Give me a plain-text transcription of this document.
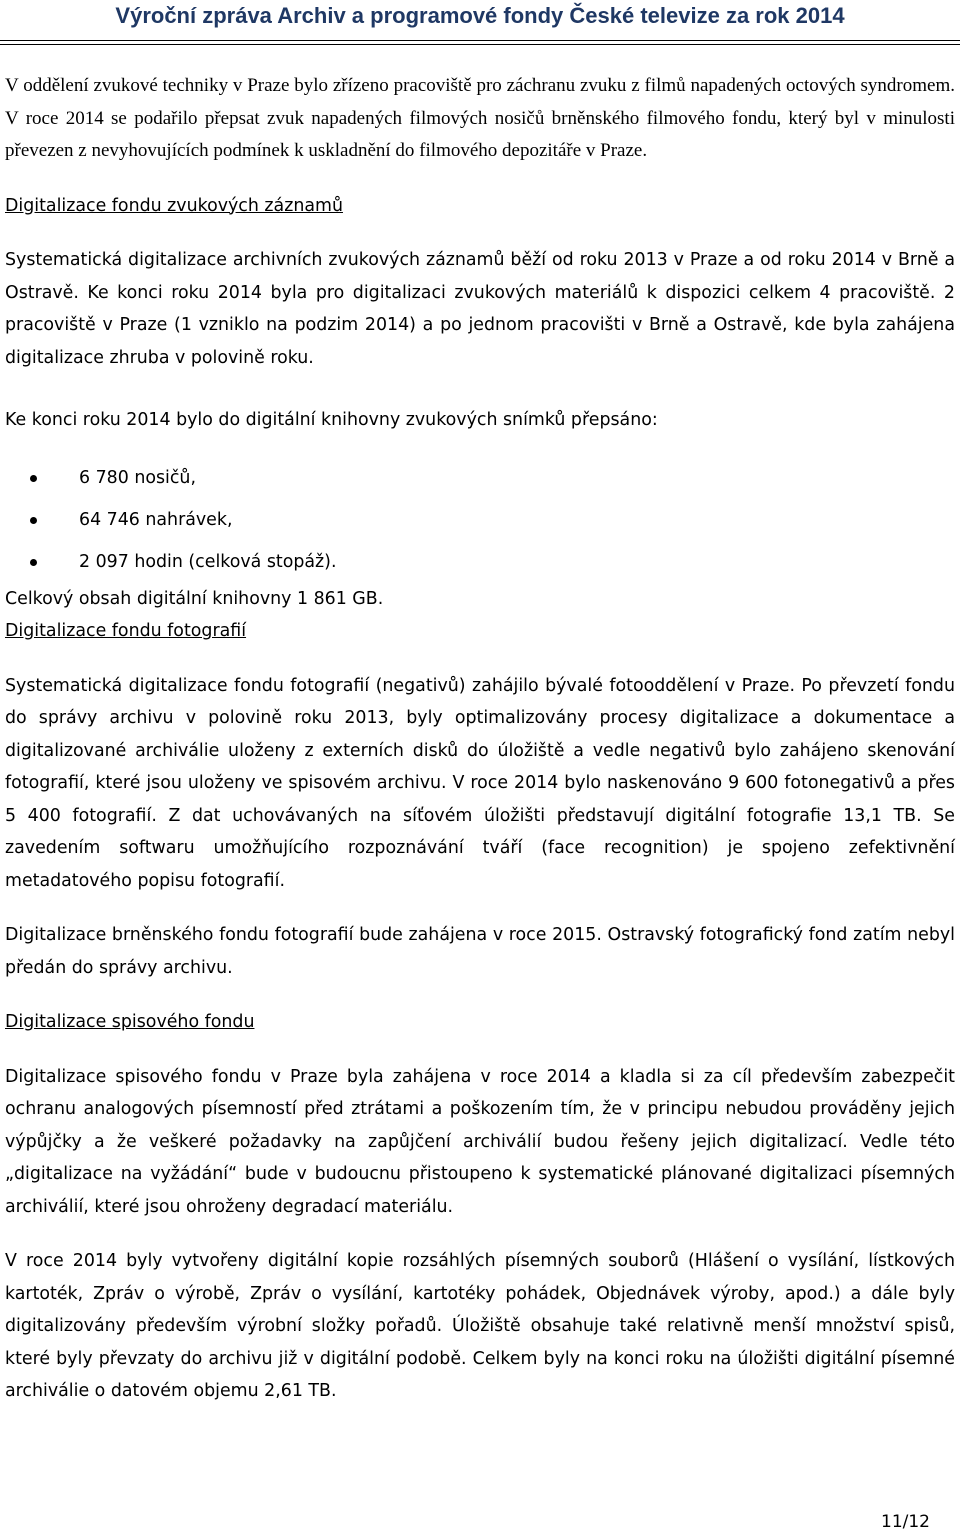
Výroční zpráva Archiv a programové fondy České televize za rok 2014

V oddělení zvukové techniky v Praze bylo zřízeno pracoviště pro záchranu zvuku z filmů napadených octových syndromem. V roce 2014 se podařilo přepsat zvuk napadených filmových nosičů brněnského filmového fondu, který byl v minulosti převezen z nevyhovujících podmínek k uskladnění do filmového depozitáře v Praze.

Digitalizace fondu zvukových záznamů

Systematická digitalizace archivních zvukových záznamů běží od roku 2013 v Praze a od roku 2014 v Brně a Ostravě. Ke konci roku 2014 byla pro digitalizaci zvukových materiálů k dispozici celkem 4 pracoviště. 2 pracoviště v Praze (1 vzniklo na podzim 2014) a po jednom pracovišti v Brně a Ostravě, kde byla zahájena digitalizace zhruba v polovině roku.

Ke konci roku 2014 bylo do digitální knihovny zvukových snímků přepsáno:

6 780 nosičů,
64 746 nahrávek,
2 097 hodin (celková stopáž).

Celkový obsah digitální knihovny 1 861 GB.

Digitalizace fondu fotografií

Systematická digitalizace fondu fotografií (negativů) zahájilo bývalé fotooddělení v Praze. Po převzetí fondu do správy archivu v polovině roku 2013, byly optimalizovány procesy digitalizace a dokumentace a digitalizované archiválie uloženy z externích disků do úložiště a vedle negativů bylo zahájeno skenování fotografií, které jsou uloženy ve spisovém archivu. V roce 2014 bylo naskenováno 9 600 fotonegativů a přes 5 400 fotografií. Z dat uchovávaných na síťovém úložišti představují digitální fotografie 13,1 TB. Se zavedením softwaru umožňujícího rozpoznávání tváří (face recognition) je spojeno zefektivnění metadatového popisu fotografií.

Digitalizace brněnského fondu fotografií bude zahájena v roce 2015. Ostravský fotografický fond zatím nebyl předán do správy archivu.

Digitalizace spisového fondu

Digitalizace spisového fondu v Praze byla zahájena v roce 2014 a kladla si za cíl především zabezpečit ochranu analogových písemností před ztrátami a poškozením tím, že v principu nebudou prováděny jejich výpůjčky a že veškeré požadavky na zapůjčení archiválií budou řešeny jejich digitalizací. Vedle této „digitalizace na vyžádání“ bude v budoucnu přistoupeno k systematické plánované digitalizaci písemných archiválií, které jsou ohroženy degradací materiálu.

V roce 2014 byly vytvořeny digitální kopie rozsáhlých písemných souborů (Hlášení o vysílání, lístkových kartoték, Zpráv o výrobě, Zpráv o vysílání, kartotéky pohádek, Objednávek výroby, apod.) a dále byly digitalizovány především výrobní složky pořadů. Úložiště obsahuje také relativně menší množství spisů, které byly převzaty do archivu již v digitální podobě. Celkem byly na konci roku na úložišti digitální písemné archiválie o datovém objemu 2,61 TB.

11/12
